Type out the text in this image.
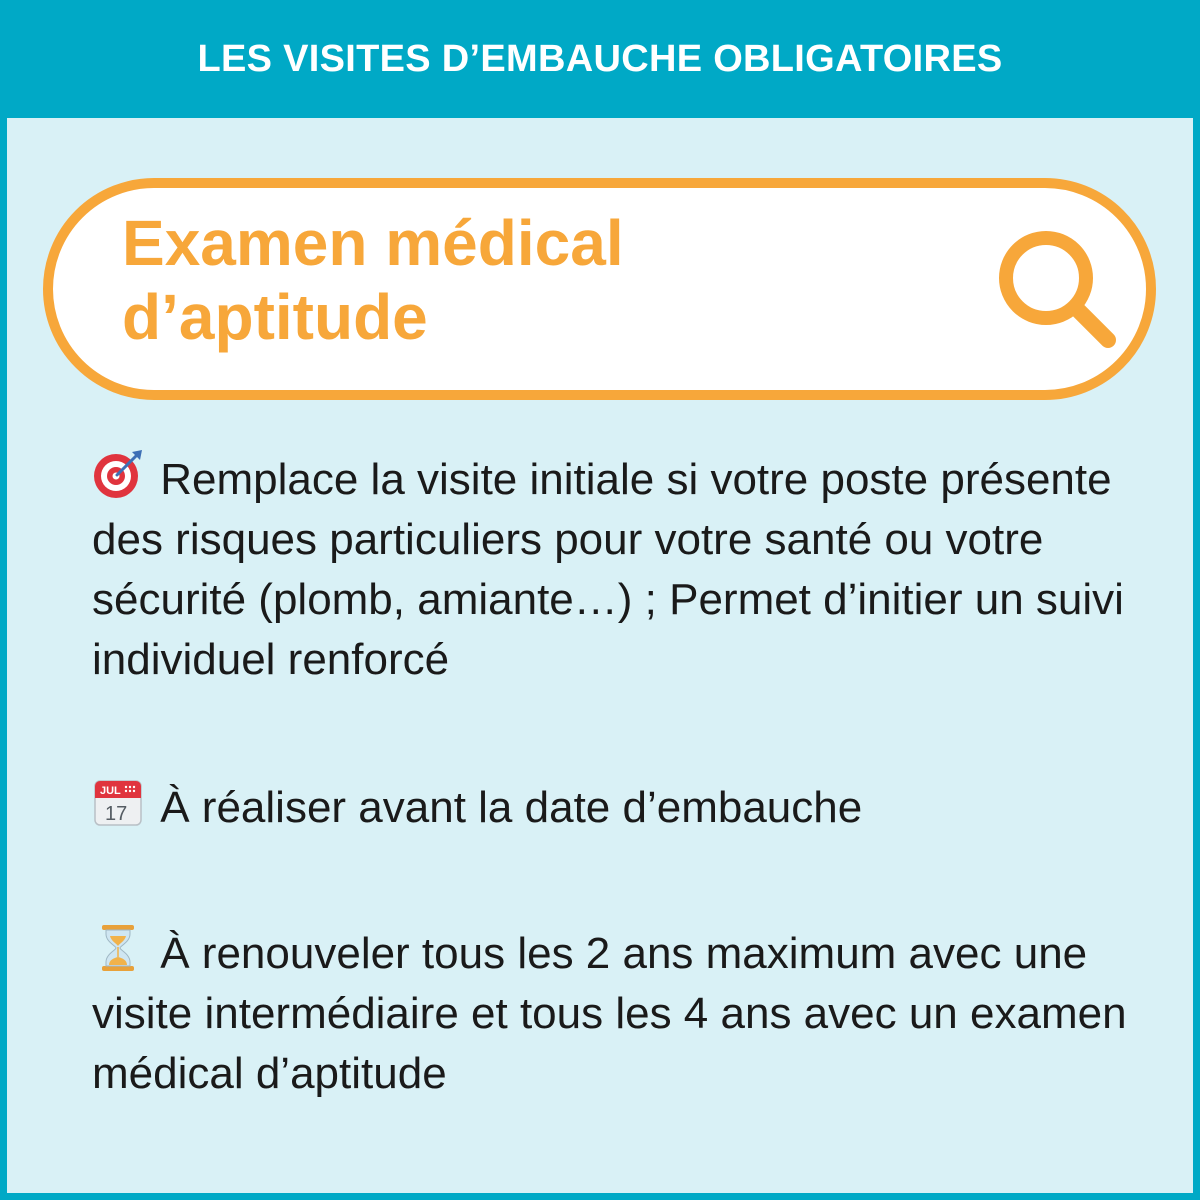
LES VISITES D’EMBAUCHE OBLIGATOIRES
Examen médical d’aptitude
Remplace la visite initiale si votre poste présente des risques particuliers pour votre santé ou votre sécurité (plomb, amiante…) ; Permet d’initier un suivi individuel renforcé
JUL
17 À réaliser avant la date d’embauche
À renouveler tous les 2 ans maximum avec une visite intermédiaire et tous les 4 ans avec un examen médical d’aptitude
